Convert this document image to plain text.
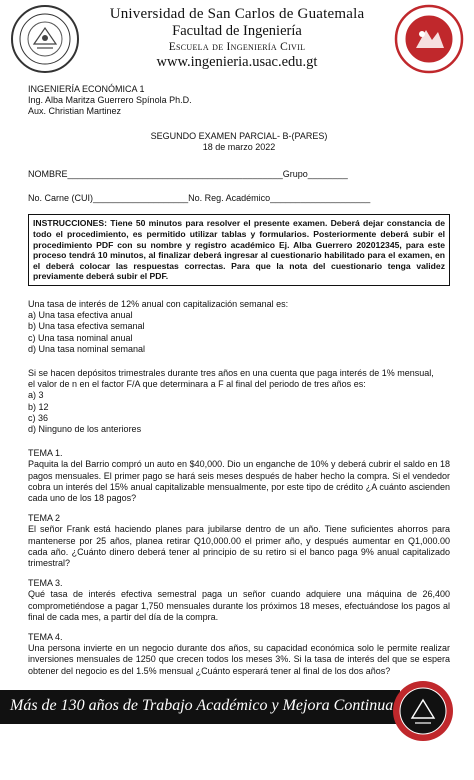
Universidad de San Carlos de Guatemala
Facultad de Ingeniería
Escuela de Ingeniería Civil
www.ingenieria.usac.edu.gt

INGENIERÍA ECONÓMICA 1

Ing. Alba Maritza Guerrero Spínola Ph.D.

Aux. Christian Martinez

SEGUNDO EXAMEN PARCIAL- B-(PARES)

18 de marzo 2022

NOMBRE___________________________________________Grupo________

No. Carne (CUI)___________________No. Reg. Académico____________________

INSTRUCCIONES: Tiene 50 minutos para resolver el presente examen. Deberá dejar constancia de todo el procedimiento, es permitido utilizar tablas y formularios. Posteriormente deberá subir el procedimiento PDF con su nombre y registro académico Ej. Alba Guerrero 202012345, para este proceso tendrá 10 minutos, al finalizar deberá ingresar al cuestionario habilitado para el examen, en el deberá colocar las respuestas correctas. Para que la nota del cuestionario tenga validez previamente deberá subir el PDF.

Una tasa de interés de 12% anual con capitalización semanal es:

a) Una tasa efectiva anual

b) Una tasa efectiva semanal

c) Una tasa nominal anual

d) Una tasa nominal semanal

Si se hacen depósitos trimestrales durante tres años en una cuenta que paga interés de 1% mensual,

el valor de n en el factor F/A que determinara a F al final del periodo de tres años es:

a) 3

b) 12

c) 36

d) Ninguno de los anteriores

TEMA 1.

Paquita la del Barrio compró un auto en $40,000. Dio un enganche de 10% y deberá cubrir el saldo en 18 pagos mensuales. El primer pago se hará seis meses después de haber hecho la compra. Si el vendedor cobra un interés del 15% anual capitalizable mensualmente, por este tipo de crédito ¿A cuánto ascienden cada uno de los 18 pagos?

TEMA 2

El señor Frank está haciendo planes para jubilarse dentro de un año. Tiene suficientes ahorros para mantenerse por 25 años, planea retirar Q10,000.00 el primer año, y después aumentar en Q1,000.00 cada año. ¿Cuánto dinero deberá tener al principio de su retiro si el banco paga 9% anual capitalizado trimestral?

TEMA 3.

Qué tasa de interés efectiva semestral paga un señor cuando adquiere una máquina de 26,400 comprometiéndose a pagar 1,750 mensuales durante los próximos 18 meses, efectuándose los pagos al final de cada mes, a partir del día de la compra.

TEMA 4.

Una persona invierte en un negocio durante dos años, su capacidad económica solo le permite realizar inversiones mensuales de 1250 que crecen todos los meses 3%. Si la tasa de interés del que se espera obtener del negocio es del 1.5% mensual ¿Cuánto esperará tener al final de los dos años?

Más de 130 años de Trabajo Académico y Mejora Continua
